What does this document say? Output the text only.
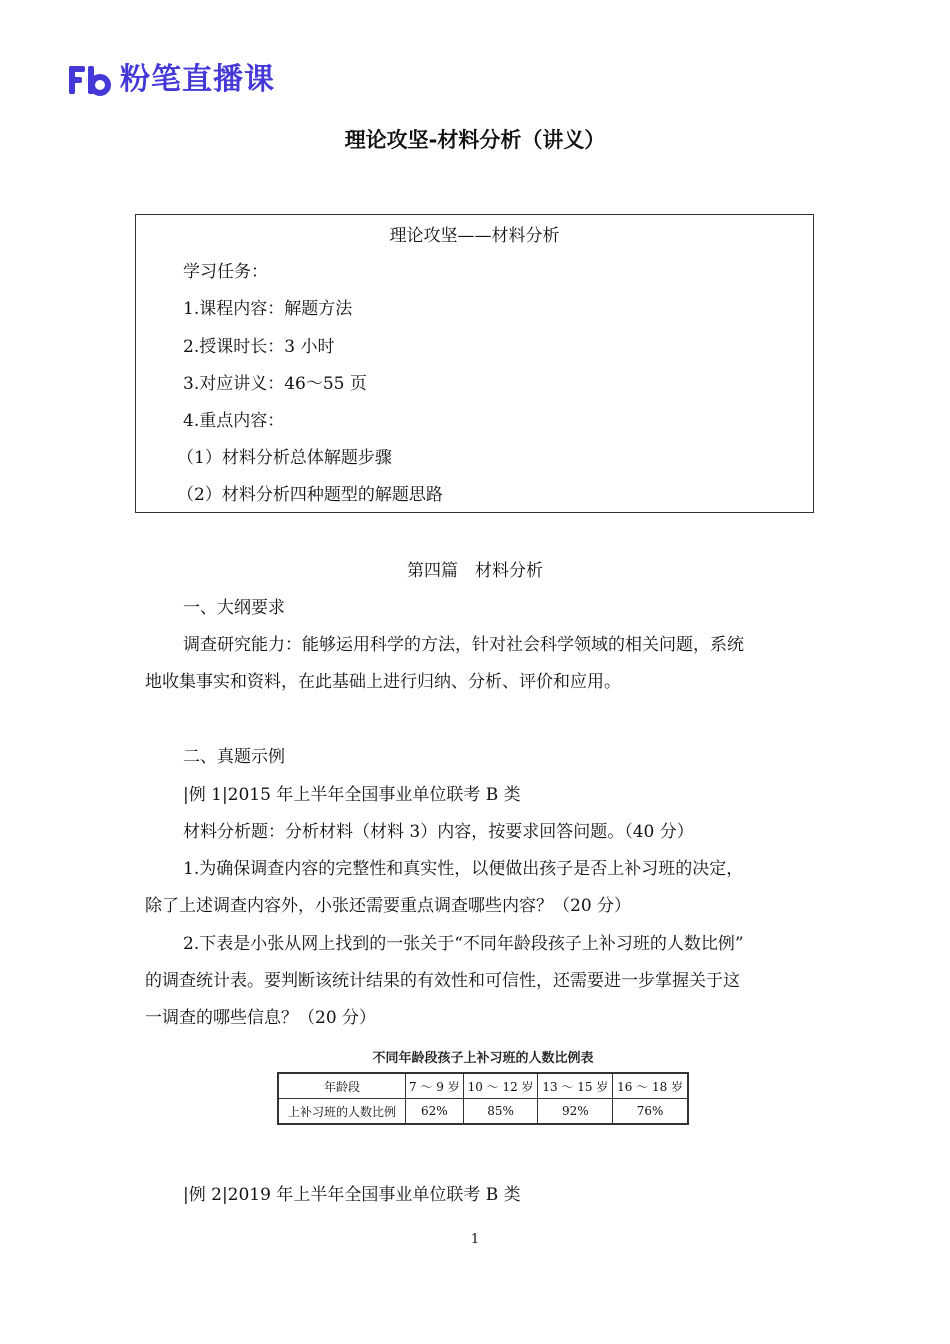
粉笔直播课
理论攻坚-材料分析（讲义）
理论攻坚——材料分析
学习任务：
1.课程内容：解题方法
2.授课时长：3 小时
3.对应讲义：46～55 页
4.重点内容：
（1）材料分析总体解题步骤
（2）材料分析四种题型的解题思路
第四篇　材料分析
一、大纲要求
调查研究能力：能够运用科学的方法，针对社会科学领域的相关问题，系统
地收集事实和资料，在此基础上进行归纳、分析、评价和应用。
二、真题示例
|例 1|2015 年上半年全国事业单位联考 B 类
材料分析题：分析材料（材料 3）内容，按要求回答问题。（40 分）
1.为确保调查内容的完整性和真实性，以便做出孩子是否上补习班的决定，
除了上述调查内容外，小张还需要重点调查哪些内容？（20 分）
2.下表是小张从网上找到的一张关于“不同年龄段孩子上补习班的人数比例”
的调查统计表。要判断该统计结果的有效性和可信性，还需要进一步掌握关于这
一调查的哪些信息？（20 分）
不同年龄段孩子上补习班的人数比例表
年龄段	7 ～ 9 岁	10 ～ 12 岁	13 ～ 15 岁	16 ～ 18 岁
上补习班的人数比例	62%	85%	92%	76%
|例 2|2019 年上半年全国事业单位联考 B 类
1
